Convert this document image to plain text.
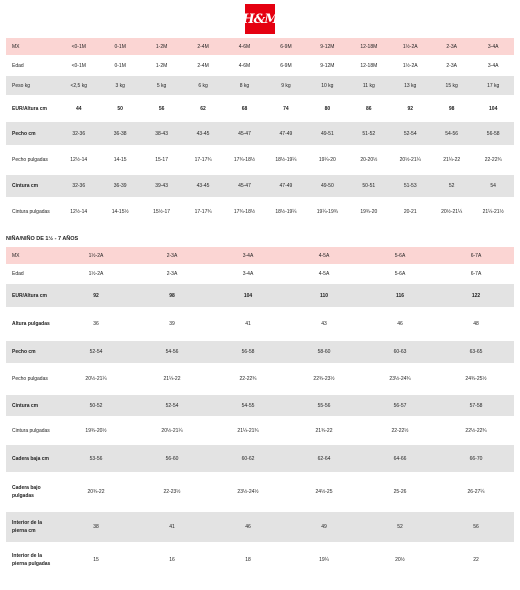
H&M
MX	<0-1M	0-1M	1-2M	2-4M	4-6M	6-9M	9-12M	12-18M	1½-2A	2-3A	3-4A
Edad	<0-1M	0-1M	1-2M	2-4M	4-6M	6-9M	9-12M	12-18M	1½-2A	2-3A	3-4A
Peso kg	<2,5 kg	3 kg	5 kg	6 kg	8 kg	9 kg	10 kg	11 kg	13 kg	15 kg	17 kg
EUR/Altura cm	44	50	56	62	68	74	80	86	92	98	104
Pecho cm	32-36	36-38	38-43	43-45	45-47	47-49	49-51	51-52	52-54	54-56	56-58
Pecho pulgadas	12½-14	14-15	15-17	17-17¾	17¾-18½	18½-19¼	19¼-20	20-20½	20½-21¼	21¼-22	22-22¾
Cintura cm	32-36	36-39	39-43	43-45	45-47	47-49	49-50	50-51	51-53	52	54
Cintura pulgadas	12½-14	14-15½	15½-17	17-17¾	17¾-18½	18½-19¼	19¼-19¾	19¾-20	20-21	20½-21¼	21¼-21½
NIÑA/NIÑO DE 1½ - 7 AÑOS
MX	1½-2A	2-3A	3-4A	4-5A	5-6A	6-7A
Edad	1½-2A	2-3A	3-4A	4-5A	5-6A	6-7A
EUR/Altura cm	92	98	104	110	116	122
Altura pulgadas	36	39	41	43	46	48
Pecho cm	52-54	54-56	56-58	58-60	60-63	63-65
Pecho pulgadas	20½-21¼	21¼-22	22-22¾	22¾-23½	23½-24¾	24¾-25½
Cintura cm	50-52	52-54	54-55	55-56	56-57	57-58
Cintura pulgadas	19¾-20½	20½-21¼	21¼-21¾	21¾-22	22-22½	22½-22¾
Cadera baja cm	53-56	56-60	60-62	62-64	64-66	66-70
Cadera bajo pulgadas	20¾-22	22-23½	23½-24½	24½-25	25-26	26-27¼
Interior de la pierna cm	38	41	46	49	52	56
Interior de la pierna pulgadas	15	16	18	19¼	20½	22
